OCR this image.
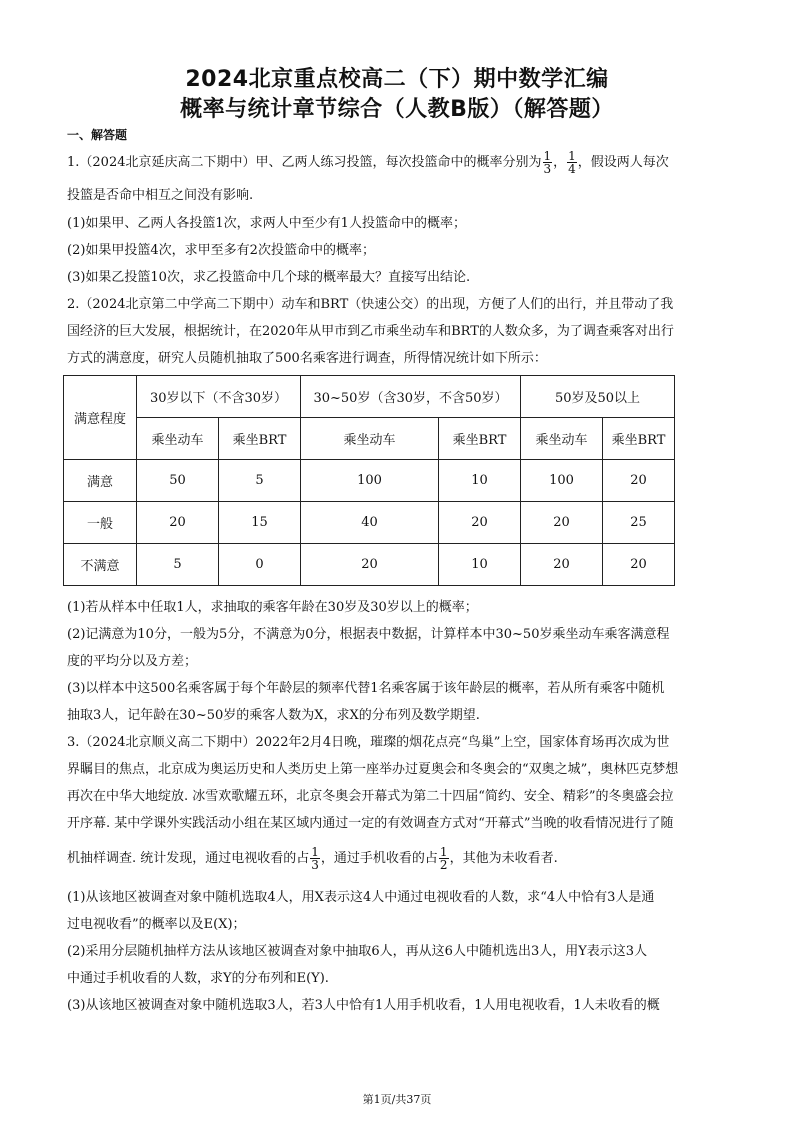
2024北京重点校高二（下）期中数学汇编
概率与统计章节综合（人教B版）（解答题）
一、解答题
1.（2024北京延庆高二下期中）甲、乙两人练习投篮，每次投篮命中的概率分别为 $\frac{1}{3}$ ， $\frac{1}{4}$ ，假设两人每次
投篮是否命中相互之间没有影响.
(1)如果甲、乙两人各投篮1次，求两人中至少有1人投篮命中的概率；
(2)如果甲投篮4次，求甲至多有2次投篮命中的概率；
(3)如果乙投篮10次，求乙投篮命中几个球的概率最大？直接写出结论.
2.（2024北京第二中学高二下期中）动车和BRT（快速公交）的出现，方便了人们的出行，并且带动了我
国经济的巨大发展，根据统计，在2020年从甲市到乙市乘坐动车和BRT的人数众多，为了调查乘客对出行
方式的满意度，研究人员随机抽取了500名乘客进行调查，所得情况统计如下所示：
满意程度	30岁以下（不含30岁）		30~50岁（含30岁，不含50岁）		50岁及50以上	
	乘坐动车	乘坐BRT	乘坐动车	乘坐BRT	乘坐动车	乘坐BRT
满意	50	5	100	10	100	20
一般	20	15	40	20	20	25
不满意	5	0	20	10	20	20
(1)若从样本中任取1人，求抽取的乘客年龄在30岁及30岁以上的概率；
(2)记满意为10分，一般为5分，不满意为0分，根据表中数据，计算样本中30~50岁乘坐动车乘客满意程
度的平均分以及方差；
(3)以样本中这500名乘客属于每个年龄层的频率代替1名乘客属于该年龄层的概率，若从所有乘客中随机
抽取3人，记年龄在30~50岁的乘客人数为X，求X的分布列及数学期望.
3.（2024北京顺义高二下期中）2022年2月4日晚，璀璨的烟花点亮“鸟巢”上空，国家体育场再次成为世
界瞩目的焦点，北京成为奥运历史和人类历史上第一座举办过夏奥会和冬奥会的“双奥之城”，奥林匹克梦想
再次在中华大地绽放. 冰雪欢歌耀五环，北京冬奥会开幕式为第二十四届“简约、安全、精彩”的冬奥盛会拉
开序幕. 某中学课外实践活动小组在某区域内通过一定的有效调查方式对“开幕式”当晚的收看情况进行了随
机抽样调查. 统计发现，通过电视收看的占 $\frac{1}{3}$ ，通过手机收看的占 $\frac{1}{2}$ ，其他为未收看者.
(1)从该地区被调查对象中随机选取4人，用X表示这4人中通过电视收看的人数，求“4人中恰有3人是通
过电视收看”的概率以及E(X)；
(2)采用分层随机抽样方法从该地区被调查对象中抽取6人，再从这6人中随机选出3人，用Y表示这3人
中通过手机收看的人数，求Y的分布列和E(Y).
(3)从该地区被调查对象中随机选取3人，若3人中恰有1人用手机收看，1人用电视收看，1人未收看的概
第1页/共37页
